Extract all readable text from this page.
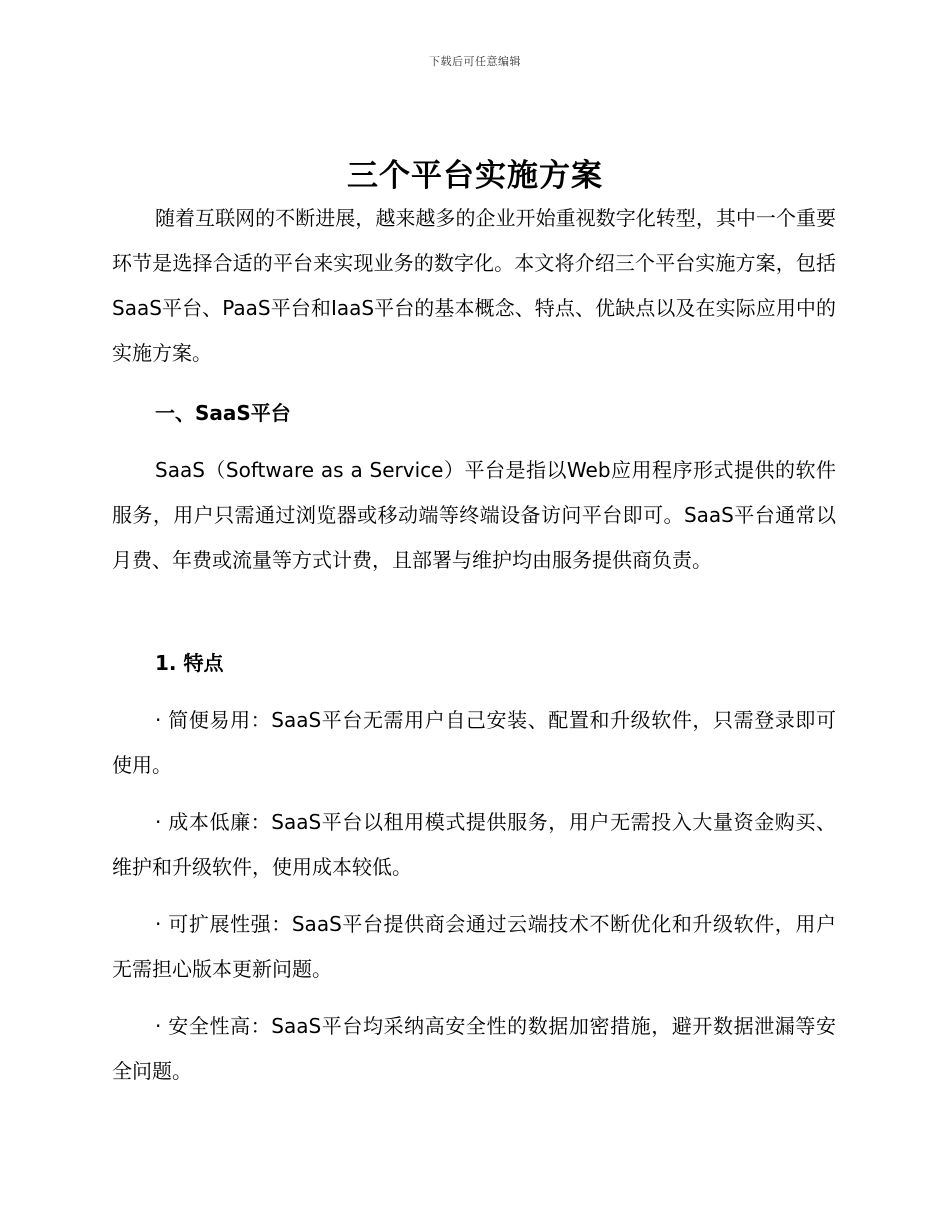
下载后可任意编辑
三个平台实施方案

随着互联网的不断进展，越来越多的企业开始重视数字化转型，其中一个重要环节是选择合适的平台来实现业务的数字化。本文将介绍三个平台实施方案，包括SaaS平台、PaaS平台和IaaS平台的基本概念、特点、优缺点以及在实际应用中的实施方案。

一、SaaS平台

SaaS（Software as a Service）平台是指以Web应用程序形式提供的软件服务，用户只需通过浏览器或移动端等终端设备访问平台即可。SaaS平台通常以月费、年费或流量等方式计费，且部署与维护均由服务提供商负责。

1. 特点

· 简便易用：SaaS平台无需用户自己安装、配置和升级软件，只需登录即可使用。

· 成本低廉：SaaS平台以租用模式提供服务，用户无需投入大量资金购买、维护和升级软件，使用成本较低。

· 可扩展性强：SaaS平台提供商会通过云端技术不断优化和升级软件，用户无需担心版本更新问题。

· 安全性高：SaaS平台均采纳高安全性的数据加密措施，避开数据泄漏等安全问题。
